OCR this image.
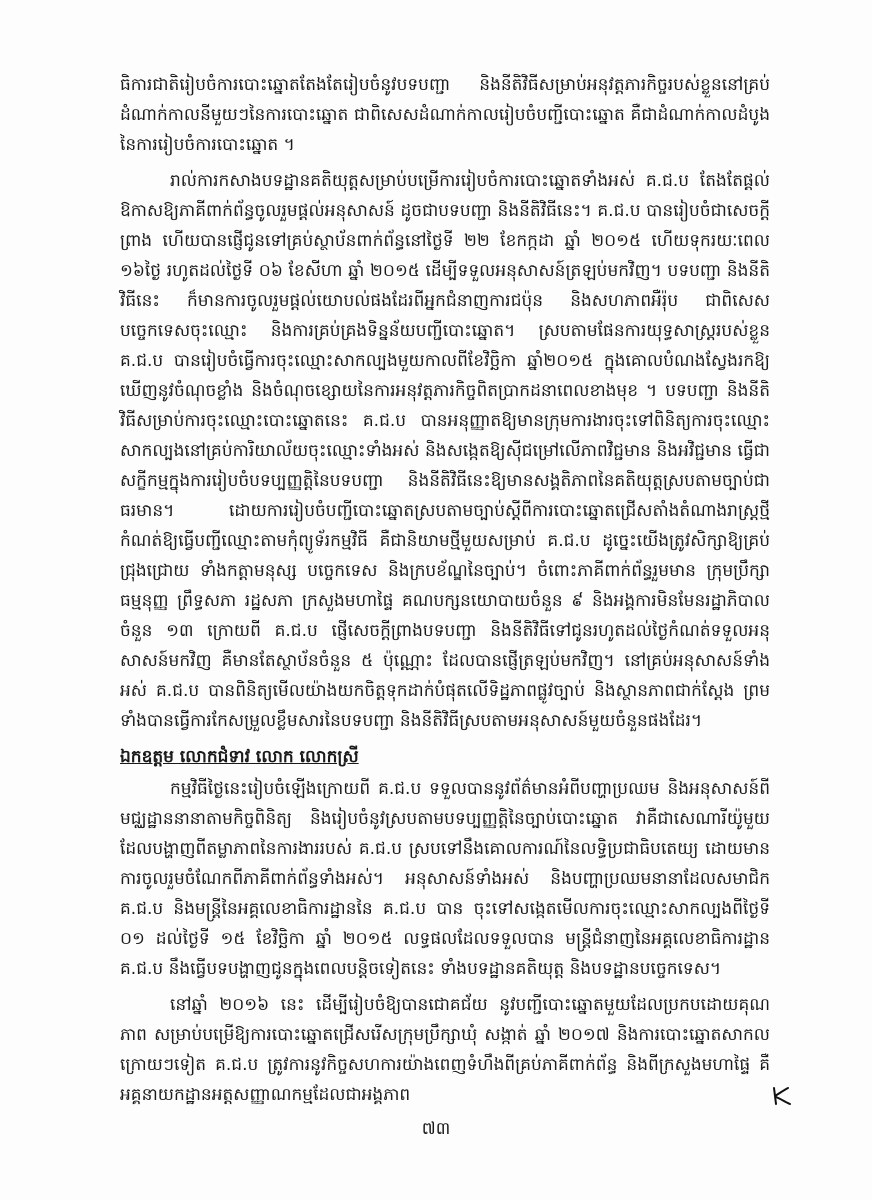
ធិការជាតិរៀបចំការបោះឆ្នោតតែងតែរៀបចំនូវបទបញ្ជា និងនីតិវិធីសម្រាប់អនុវត្តភារកិច្ចរបស់ខ្លួននៅគ្រប់ដំណាក់កាលនីមួយៗនៃការបោះឆ្នោត ជាពិសេសដំណាក់កាលរៀបចំបញ្ជីបោះឆ្នោត គឺជាដំណាក់កាលដំបូងនៃការរៀបចំការបោះឆ្នោត ។

រាល់ការកសាងបទដ្ឋានគតិយុត្តសម្រាប់បម្រើការរៀបចំការបោះឆ្នោតទាំងអស់ គ.ជ.ប តែងតែផ្ដល់ឱកាសឱ្យភាគីពាក់ព័ន្ធចូលរួមផ្ដល់អនុសាសន៍ ដូចជាបទបញ្ជា និងនីតិវិធីនេះ។ គ.ជ.ប បានរៀបចំជាសេចក្ដីព្រាង ហើយបានផ្ញើជូនទៅគ្រប់ស្ថាប័នពាក់ព័ន្ធនៅថ្ងៃទី ២២ ខែកក្កដា ឆ្នាំ ២០១៥ ហើយទុករយៈពេល ១៦ថ្ងៃ រហូតដល់ថ្ងៃទី ០៦ ខែសីហា ឆ្នាំ ២០១៥ ដើម្បីទទួលអនុសាសន៍ត្រឡប់មកវិញ។ បទបញ្ជា និងនីតិវិធីនេះ ក៏មានការចូលរួមផ្ដល់យោបល់ផងដែរពីអ្នកជំនាញការជប៉ុន និងសហភាពអឺរ៉ុប ជាពិសេសបច្ចេកទេសចុះឈ្មោះ និងការគ្រប់គ្រងទិន្នន័យបញ្ជីបោះឆ្នោត។ ស្របតាមផែនការយុទ្ធសាស្ត្ររបស់ខ្លួន គ.ជ.ប បានរៀបចំធ្វើការចុះឈ្មោះសាកល្បងមួយកាលពីខែវិច្ឆិកា ឆ្នាំ២០១៥ ក្នុងគោលបំណងស្វែងរកឱ្យឃើញនូវចំណុចខ្លាំង និងចំណុចខ្សោយនៃការអនុវត្តភារកិច្ចពិតប្រាកដនាពេលខាងមុខ ។ បទបញ្ជា និងនីតិវិធីសម្រាប់ការចុះឈ្មោះបោះឆ្នោតនេះ គ.ជ.ប បានអនុញ្ញាតឱ្យមានក្រុមការងារចុះទៅពិនិត្យការចុះឈ្មោះសាកល្បងនៅគ្រប់ការិយាល័យចុះឈ្មោះទាំងអស់ និងសង្កេតឱ្យស៊ីជម្រៅលើភាពវិជ្ជមាន និងអវិជ្ជមាន ធ្វើជាសក្ខីកម្មក្នុងការរៀបចំបទប្បញ្ញត្តិនៃបទបញ្ជា និងនីតិវិធីនេះឱ្យមានសង្គតិភាពនៃគតិយុត្តស្របតាមច្បាប់ជាធរមាន។ ដោយការរៀបចំបញ្ជីបោះឆ្នោតស្របតាមច្បាប់ស្ដីពីការបោះឆ្នោតជ្រើសតាំងតំណាងរាស្ត្រថ្មី កំណត់ឱ្យធ្វើបញ្ជីឈ្មោះតាមកុំព្យូទ័រកម្មវិធី គឺជានិយាមថ្មីមួយសម្រាប់ គ.ជ.ប ដូច្នេះយើងត្រូវសិក្សាឱ្យគ្រប់ជ្រុងជ្រោយ ទាំងកត្តាមនុស្ស បច្ចេកទេស និងក្របខ័ណ្ឌនៃច្បាប់។ ចំពោះភាគីពាក់ព័ន្ធរួមមាន ក្រុមប្រឹក្សាធម្មនុញ្ញ ព្រឹទ្ធសភា រដ្ឋសភា ក្រសួងមហាផ្ទៃ គណបក្សនយោបាយចំនួន ៩ និងអង្គការមិនមែនរដ្ឋាភិបាលចំនួន ១៣ ក្រោយពី គ.ជ.ប ផ្ញើសេចក្ដីព្រាងបទបញ្ជា និងនីតិវិធីទៅជូនរហូតដល់ថ្ងៃកំណត់ទទួលអនុសាសន៍មកវិញ គឺមានតែស្ថាប័នចំនួន ៥ ប៉ុណ្ណោះ ដែលបានផ្ញើត្រឡប់មកវិញ។ នៅគ្រប់អនុសាសន៍ទាំងអស់ គ.ជ.ប បានពិនិត្យមើលយ៉ាងយកចិត្តទុកដាក់បំផុតលើទិដ្ឋភាពផ្លូវច្បាប់ និងស្ថានភាពជាក់ស្ដែង ព្រមទាំងបានធ្វើការកែសម្រួលខ្លឹមសារនៃបទបញ្ជា និងនីតិវិធីស្របតាមអនុសាសន៍មួយចំនួនផងដែរ។

ឯកឧត្តម លោកជំទាវ លោក លោកស្រី

កម្មវិធីថ្ងៃនេះរៀបចំឡើងក្រោយពី គ.ជ.ប ទទួលបាននូវព័ត៌មានអំពីបញ្ហាប្រឈម និងអនុសាសន៍ពីមជ្ឈដ្ឋាននានាតាមកិច្ចពិនិត្យ និងរៀបចំនូវស្របតាមបទប្បញ្ញត្តិនៃច្បាប់បោះឆ្នោត វាគឺជាសេណារីយ៉ូមួយដែលបង្ហាញពីតម្លាភាពនៃការងាររបស់ គ.ជ.ប ស្របទៅនឹងគោលការណ៍នៃលទ្ធិប្រជាធិបតេយ្យ ដោយមានការចូលរួមចំណែកពីភាគីពាក់ព័ន្ធទាំងអស់។ អនុសាសន៍ទាំងអស់ និងបញ្ហាប្រឈមនានាដែលសមាជិក គ.ជ.ប និងមន្ត្រីនៃអគ្គលេខាធិការដ្ឋាននៃ គ.ជ.ប បាន ចុះទៅសង្កេតមើលការចុះឈ្មោះសាកល្បងពីថ្ងៃទី ០១ ដល់ថ្ងៃទី ១៥ ខែវិច្ឆិកា ឆ្នាំ ២០១៥ លទ្ធផលដែលទទួលបាន មន្ត្រីជំនាញនៃអគ្គលេខាធិការដ្ឋាន គ.ជ.ប នឹងធ្វើបទបង្ហាញជូនក្នុងពេលបន្តិចទៀតនេះ ទាំងបទដ្ឋានគតិយុត្ត និងបទដ្ឋានបច្ចេកទេស។

នៅឆ្នាំ ២០១៦ នេះ ដើម្បីរៀបចំឱ្យបានជោគជ័យ នូវបញ្ជីបោះឆ្នោតមួយដែលប្រកបដោយគុណភាព សម្រាប់បម្រើឱ្យការបោះឆ្នោតជ្រើសរើសក្រុមប្រឹក្សាឃុំ សង្កាត់ ឆ្នាំ ២០១៧ និងការបោះឆ្នោតសាកលក្រោយៗទៀត គ.ជ.ប ត្រូវការនូវកិច្ចសហការយ៉ាងពេញទំហឹងពីគ្រប់ភាគីពាក់ព័ន្ធ និងពីក្រសួងមហាផ្ទៃ គឺអគ្គនាយកដ្ឋានអត្តសញ្ញាណកម្មដែលជាអង្គភាព

៧៣
